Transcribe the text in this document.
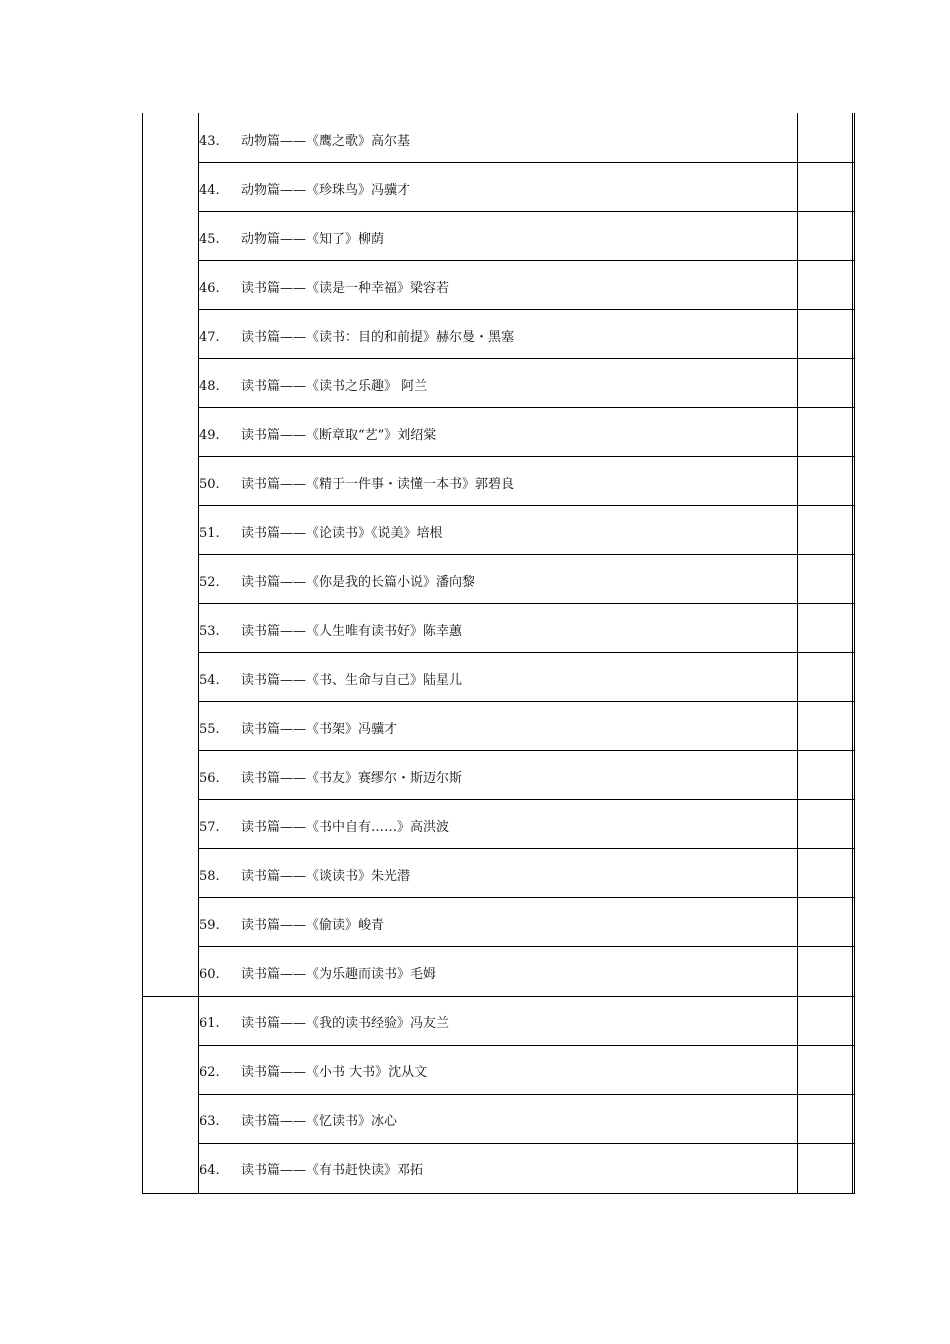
43.	动物篇——《鹰之歌》高尔基
44.	动物篇——《珍珠鸟》冯骥才
45.	动物篇——《知了》柳荫
46.	读书篇——《读是一种幸福》梁容若
47.	读书篇——《读书：目的和前提》赫尔曼・黑塞
48.	读书篇——《读书之乐趣》 阿兰
49.	读书篇——《断章取“艺”》刘绍棠
50.	读书篇——《精于一件事・读懂一本书》郭碧良
51.	读书篇——《论读书》《说美》培根
52.	读书篇——《你是我的长篇小说》潘向黎
53.	读书篇——《人生唯有读书好》陈幸蕙
54.	读书篇——《书、生命与自己》陆星儿
55.	读书篇——《书架》冯骥才
56.	读书篇——《书友》赛缪尔・斯迈尔斯
57.	读书篇——《书中自有……》高洪波
58.	读书篇——《谈读书》朱光潜
59.	读书篇——《偷读》峻青
60.	读书篇——《为乐趣而读书》毛姆
61.	读书篇——《我的读书经验》冯友兰
62.	读书篇——《小书 大书》沈从文
63.	读书篇——《忆读书》冰心
64.	读书篇——《有书赶快读》邓拓
